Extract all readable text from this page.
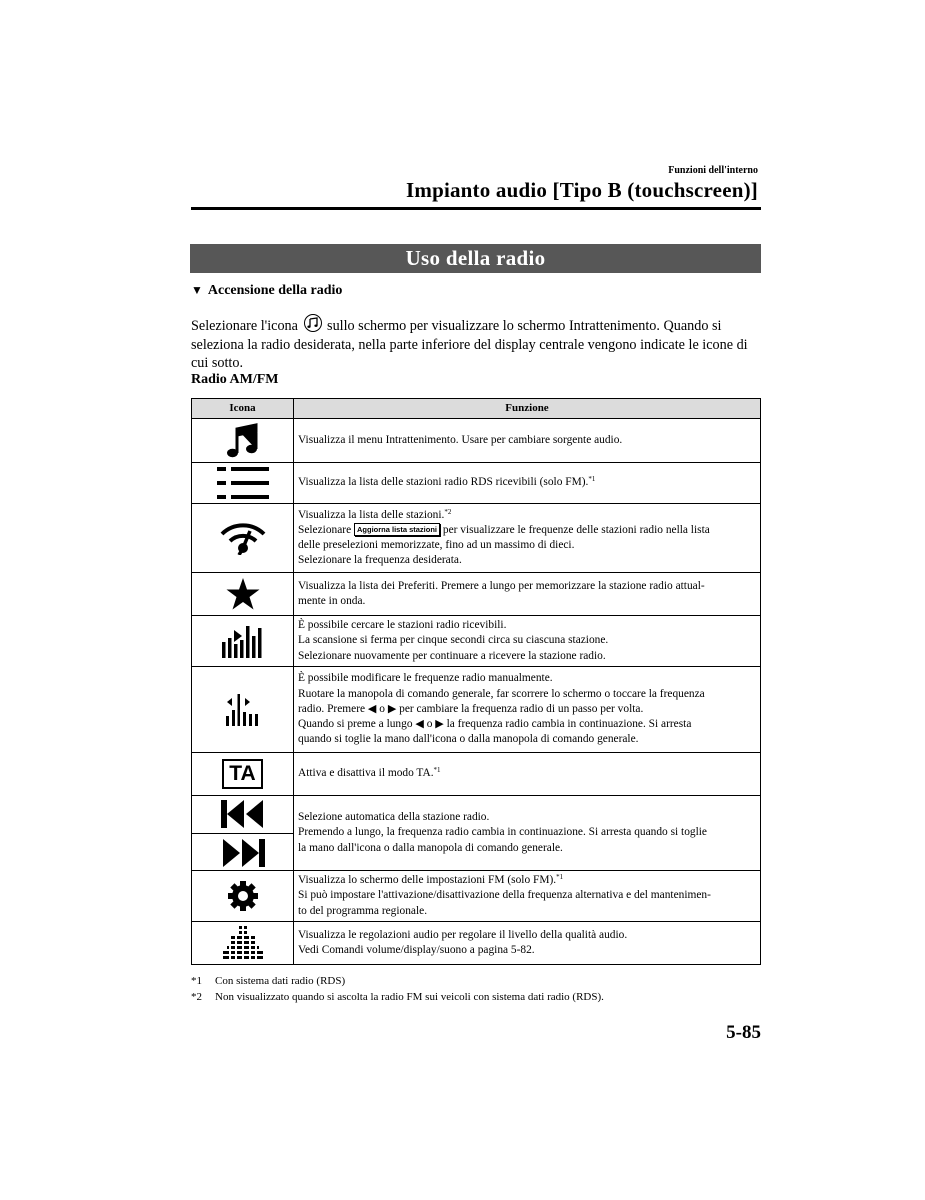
Funzioni dell'interno
Impianto audio [Tipo B (touchscreen)]
Uso della radio
▼ Accensione della radio
Selezionare l'icona sullo schermo per visualizzare lo schermo Intrattenimento. Quando si seleziona la radio desiderata, nella parte inferiore del display centrale vengono indicate le icone di cui sotto.
Radio AM/FM
Icona	Funzione

Visualizza il menu Intrattenimento. Usare per cambiare sorgente audio.

Visualizza la lista delle stazioni radio RDS ricevibili (solo FM).$^{*1}$

Visualizza la lista delle stazioni.$^{*2}$
Selezionare Aggiorna lista stazioni per visualizzare le frequenze delle stazioni radio nella lista
delle preselezioni memorizzate, fino ad un massimo di dieci.
Selezionare la frequenza desiderata.

Visualizza la lista dei Preferiti. Premere a lungo per memorizzare la stazione radio attual-
mente in onda.

È possibile cercare le stazioni radio ricevibili.
La scansione si ferma per cinque secondi circa su ciascuna stazione.
Selezionare nuovamente per continuare a ricevere la stazione radio.

È possibile modificare le frequenze radio manualmente.
Ruotare la manopola di comando generale, far scorrere lo schermo o toccare la frequenza
radio. Premere ◀ o ▶ per cambiare la frequenza radio di un passo per volta.
Quando si preme a lungo ◀ o ▶ la frequenza radio cambia in continuazione. Si arresta
quando si toglie la mano dall'icona o dalla manopola di comando generale.

TA	Attiva e disattiva il modo TA.$^{*1}$

Selezione automatica della stazione radio.
Premendo a lungo, la frequenza radio cambia in continuazione. Si arresta quando si toglie
la mano dall'icona o dalla manopola di comando generale.

Visualizza lo schermo delle impostazioni FM (solo FM).$^{*1}$
Si può impostare l'attivazione/disattivazione della frequenza alternativa e del mantenimen-
to del programma regionale.

Visualizza le regolazioni audio per regolare il livello della qualità audio.
Vedi Comandi volume/display/suono a pagina 5-82.
*1 Con sistema dati radio (RDS)
*2 Non visualizzato quando si ascolta la radio FM sui veicoli con sistema dati radio (RDS).
5-85
